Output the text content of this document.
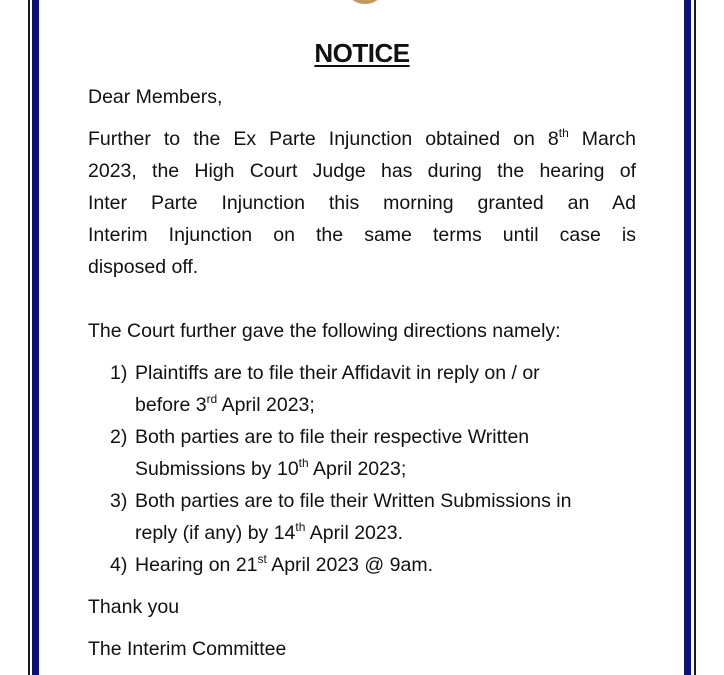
NOTICE
Dear Members,
Further to the Ex Parte Injunction obtained on 8th March
2023, the High Court Judge has during the hearing of
Inter Parte Injunction this morning granted an Ad
Interim Injunction on the same terms until case is
disposed off.
The Court further gave the following directions namely:
1) Plaintiffs are to file their Affidavit in reply on / or
before 3rd April 2023;
2) Both parties are to file their respective Written
Submissions by 10th April 2023;
3) Both parties are to file their Written Submissions in
reply (if any) by 14th April 2023.
4) Hearing on 21st April 2023 @ 9am.
Thank you
The Interim Committee
